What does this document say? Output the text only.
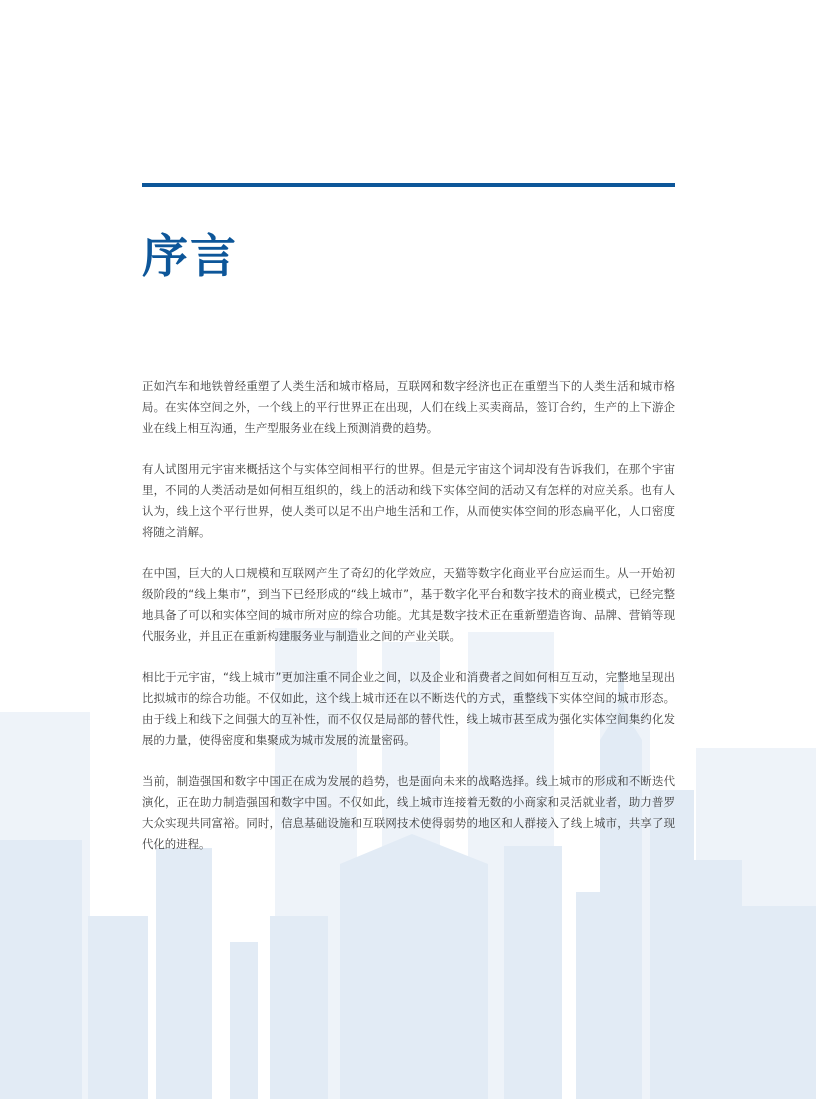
序言

正如汽车和地铁曾经重塑了人类生活和城市格局，互联网和数字经济也正在重塑当下的人类生活和城市格局。在实体空间之外，一个线上的平行世界正在出现，人们在线上买卖商品，签订合约，生产的上下游企业在线上相互沟通，生产型服务业在线上预测消费的趋势。

有人试图用元宇宙来概括这个与实体空间相平行的世界。但是元宇宙这个词却没有告诉我们，在那个宇宙里，不同的人类活动是如何相互组织的，线上的活动和线下实体空间的活动又有怎样的对应关系。也有人认为，线上这个平行世界，使人类可以足不出户地生活和工作，从而使实体空间的形态扁平化，人口密度将随之消解。

在中国，巨大的人口规模和互联网产生了奇幻的化学效应，天猫等数字化商业平台应运而生。从一开始初级阶段的“线上集市”，到当下已经形成的“线上城市”，基于数字化平台和数字技术的商业模式，已经完整地具备了可以和实体空间的城市所对应的综合功能。尤其是数字技术正在重新塑造咨询、品牌、营销等现代服务业，并且正在重新构建服务业与制造业之间的产业关联。

相比于元宇宙，“线上城市”更加注重不同企业之间，以及企业和消费者之间如何相互互动，完整地呈现出比拟城市的综合功能。不仅如此，这个线上城市还在以不断迭代的方式，重整线下实体空间的城市形态。由于线上和线下之间强大的互补性，而不仅仅是局部的替代性，线上城市甚至成为强化实体空间集约化发展的力量，使得密度和集聚成为城市发展的流量密码。

当前，制造强国和数字中国正在成为发展的趋势，也是面向未来的战略选择。线上城市的形成和不断迭代演化，正在助力制造强国和数字中国。不仅如此，线上城市连接着无数的小商家和灵活就业者，助力普罗大众实现共同富裕。同时，信息基础设施和互联网技术使得弱势的地区和人群接入了线上城市，共享了现代化的进程。
